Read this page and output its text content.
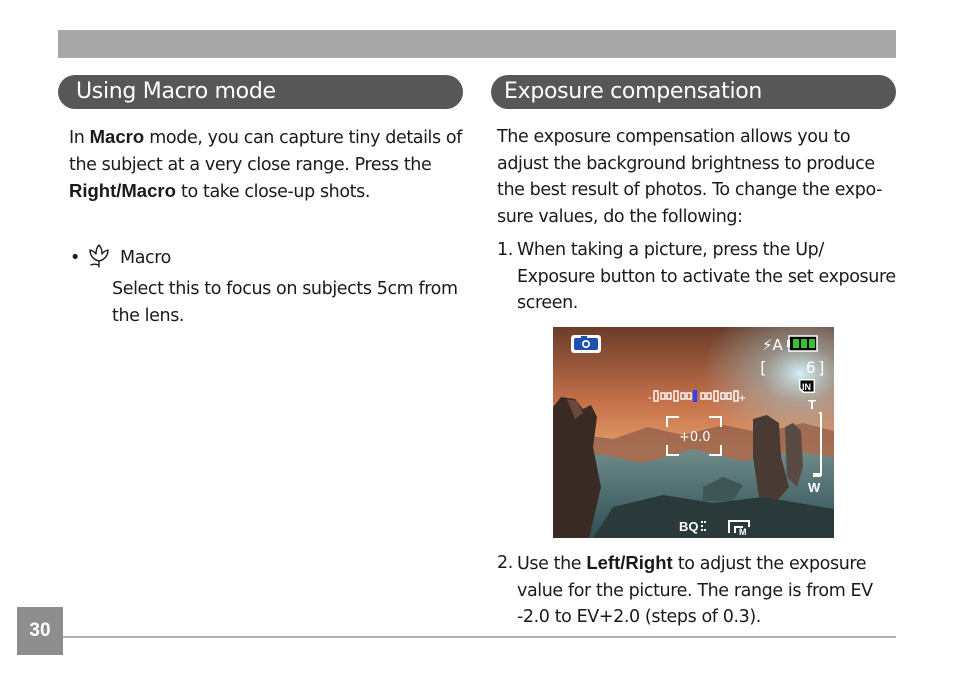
Using Macro mode	Exposure compensation
In Macro mode, you can capture tiny details of the subject at a very close range. Press the Right/Macro to take close-up shots.
• Macro
Select this to focus on subjects 5cm from the lens.
The exposure compensation allows you to adjust the background brightness to produce the best result of photos. To change the expo-sure values, do the following:
1. When taking a picture, press the Up/ Exposure button to activate the set exposure screen.
⚡A
[ 6 ]
IN
T
W
-	+
+0.0
BQ	M
2. Use the Left/Right to adjust the exposure value for the picture. The range is from EV -2.0 to EV+2.0 (steps of 0.3).
30
